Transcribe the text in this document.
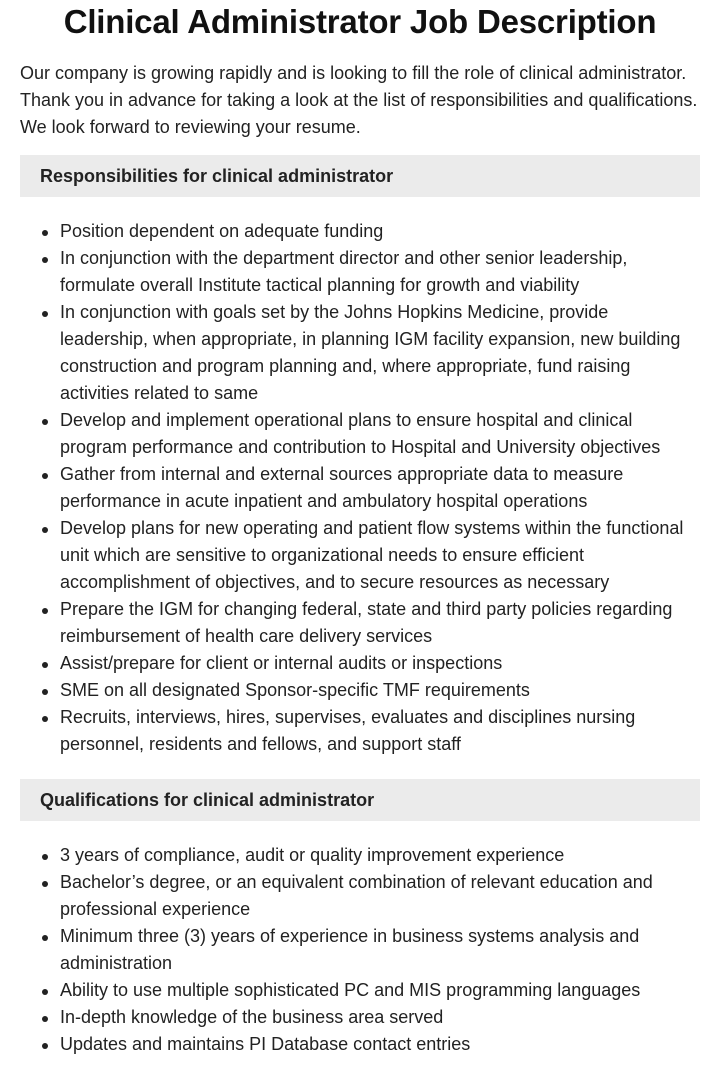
Clinical Administrator Job Description

Our company is growing rapidly and is looking to fill the role of clinical administrator. Thank you in advance for taking a look at the list of responsibilities and qualifications. We look forward to reviewing your resume.

Responsibilities for clinical administrator
Position dependent on adequate funding
In conjunction with the department director and other senior leadership, formulate overall Institute tactical planning for growth and viability
In conjunction with goals set by the Johns Hopkins Medicine, provide leadership, when appropriate, in planning IGM facility expansion, new building construction and program planning and, where appropriate, fund raising activities related to same
Develop and implement operational plans to ensure hospital and clinical program performance and contribution to Hospital and University objectives
Gather from internal and external sources appropriate data to measure performance in acute inpatient and ambulatory hospital operations
Develop plans for new operating and patient flow systems within the functional unit which are sensitive to organizational needs to ensure efficient accomplishment of objectives, and to secure resources as necessary
Prepare the IGM for changing federal, state and third party policies regarding reimbursement of health care delivery services
Assist/prepare for client or internal audits or inspections
SME on all designated Sponsor-specific TMF requirements
Recruits, interviews, hires, supervises, evaluates and disciplines nursing personnel, residents and fellows, and support staff
Qualifications for clinical administrator
3 years of compliance, audit or quality improvement experience
Bachelor’s degree, or an equivalent combination of relevant education and professional experience
Minimum three (3) years of experience in business systems analysis and administration
Ability to use multiple sophisticated PC and MIS programming languages
In-depth knowledge of the business area served
Updates and maintains PI Database contact entries
